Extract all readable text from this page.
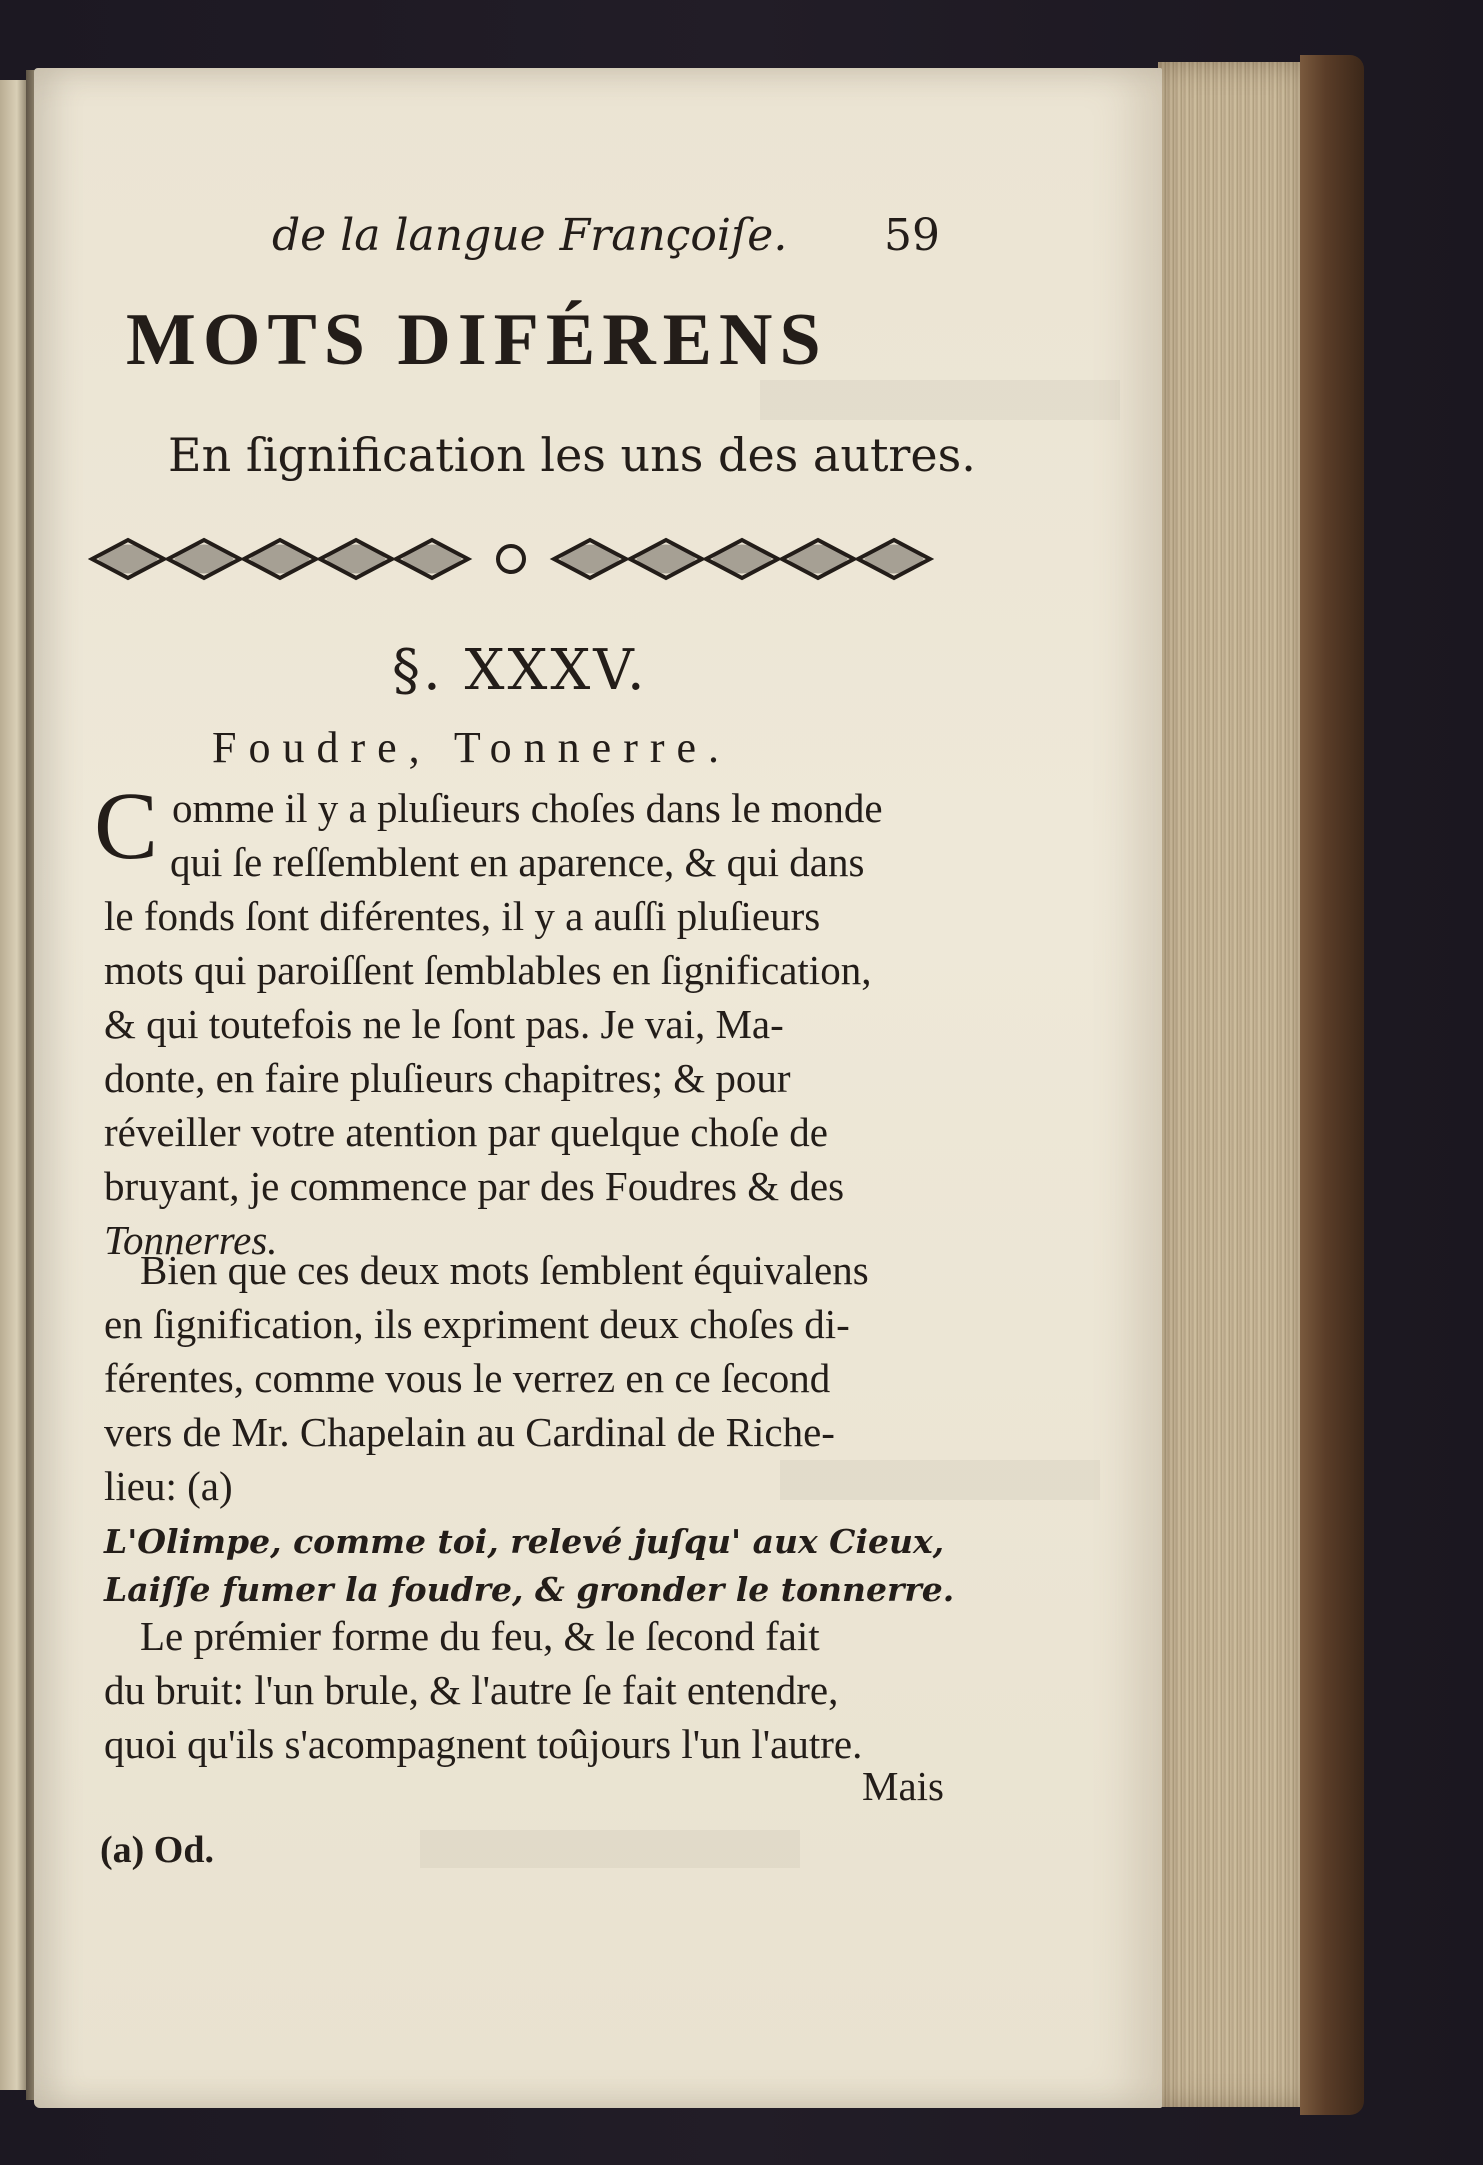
de la langue Françoiſe. 59
MOTS DIFÉRENS
En ſignification les uns des autres.
§. XXXV.
Foudre, Tonnerre.
C omme il y a pluſieurs choſes dans le monde
qui ſe reſſemblent en aparence, & qui dans
le fonds ſont diférentes, il y a auſſi pluſieurs
mots qui paroiſſent ſemblables en ſignification,
& qui toutefois ne le ſont pas. Je vai, Ma-
donte, en faire pluſieurs chapitres; & pour
réveiller votre atention par quelque choſe de
bruyant, je commence par des Foudres & des
Tonnerres.
Bien que ces deux mots ſemblent équivalens
en ſignification, ils expriment deux choſes di-
férentes, comme vous le verrez en ce ſecond
vers de Mr. Chapelain au Cardinal de Riche-
lieu: (a)
L'Olimpe, comme toi, relevé juſqu' aux Cieux,
Laiſſe fumer la foudre, & gronder le tonnerre.
Le prémier forme du feu, & le ſecond fait
du bruit: l'un brule, & l'autre ſe fait entendre,
quoi qu'ils s'acompagnent toûjours l'un l'autre.
Mais
(a) Od.
